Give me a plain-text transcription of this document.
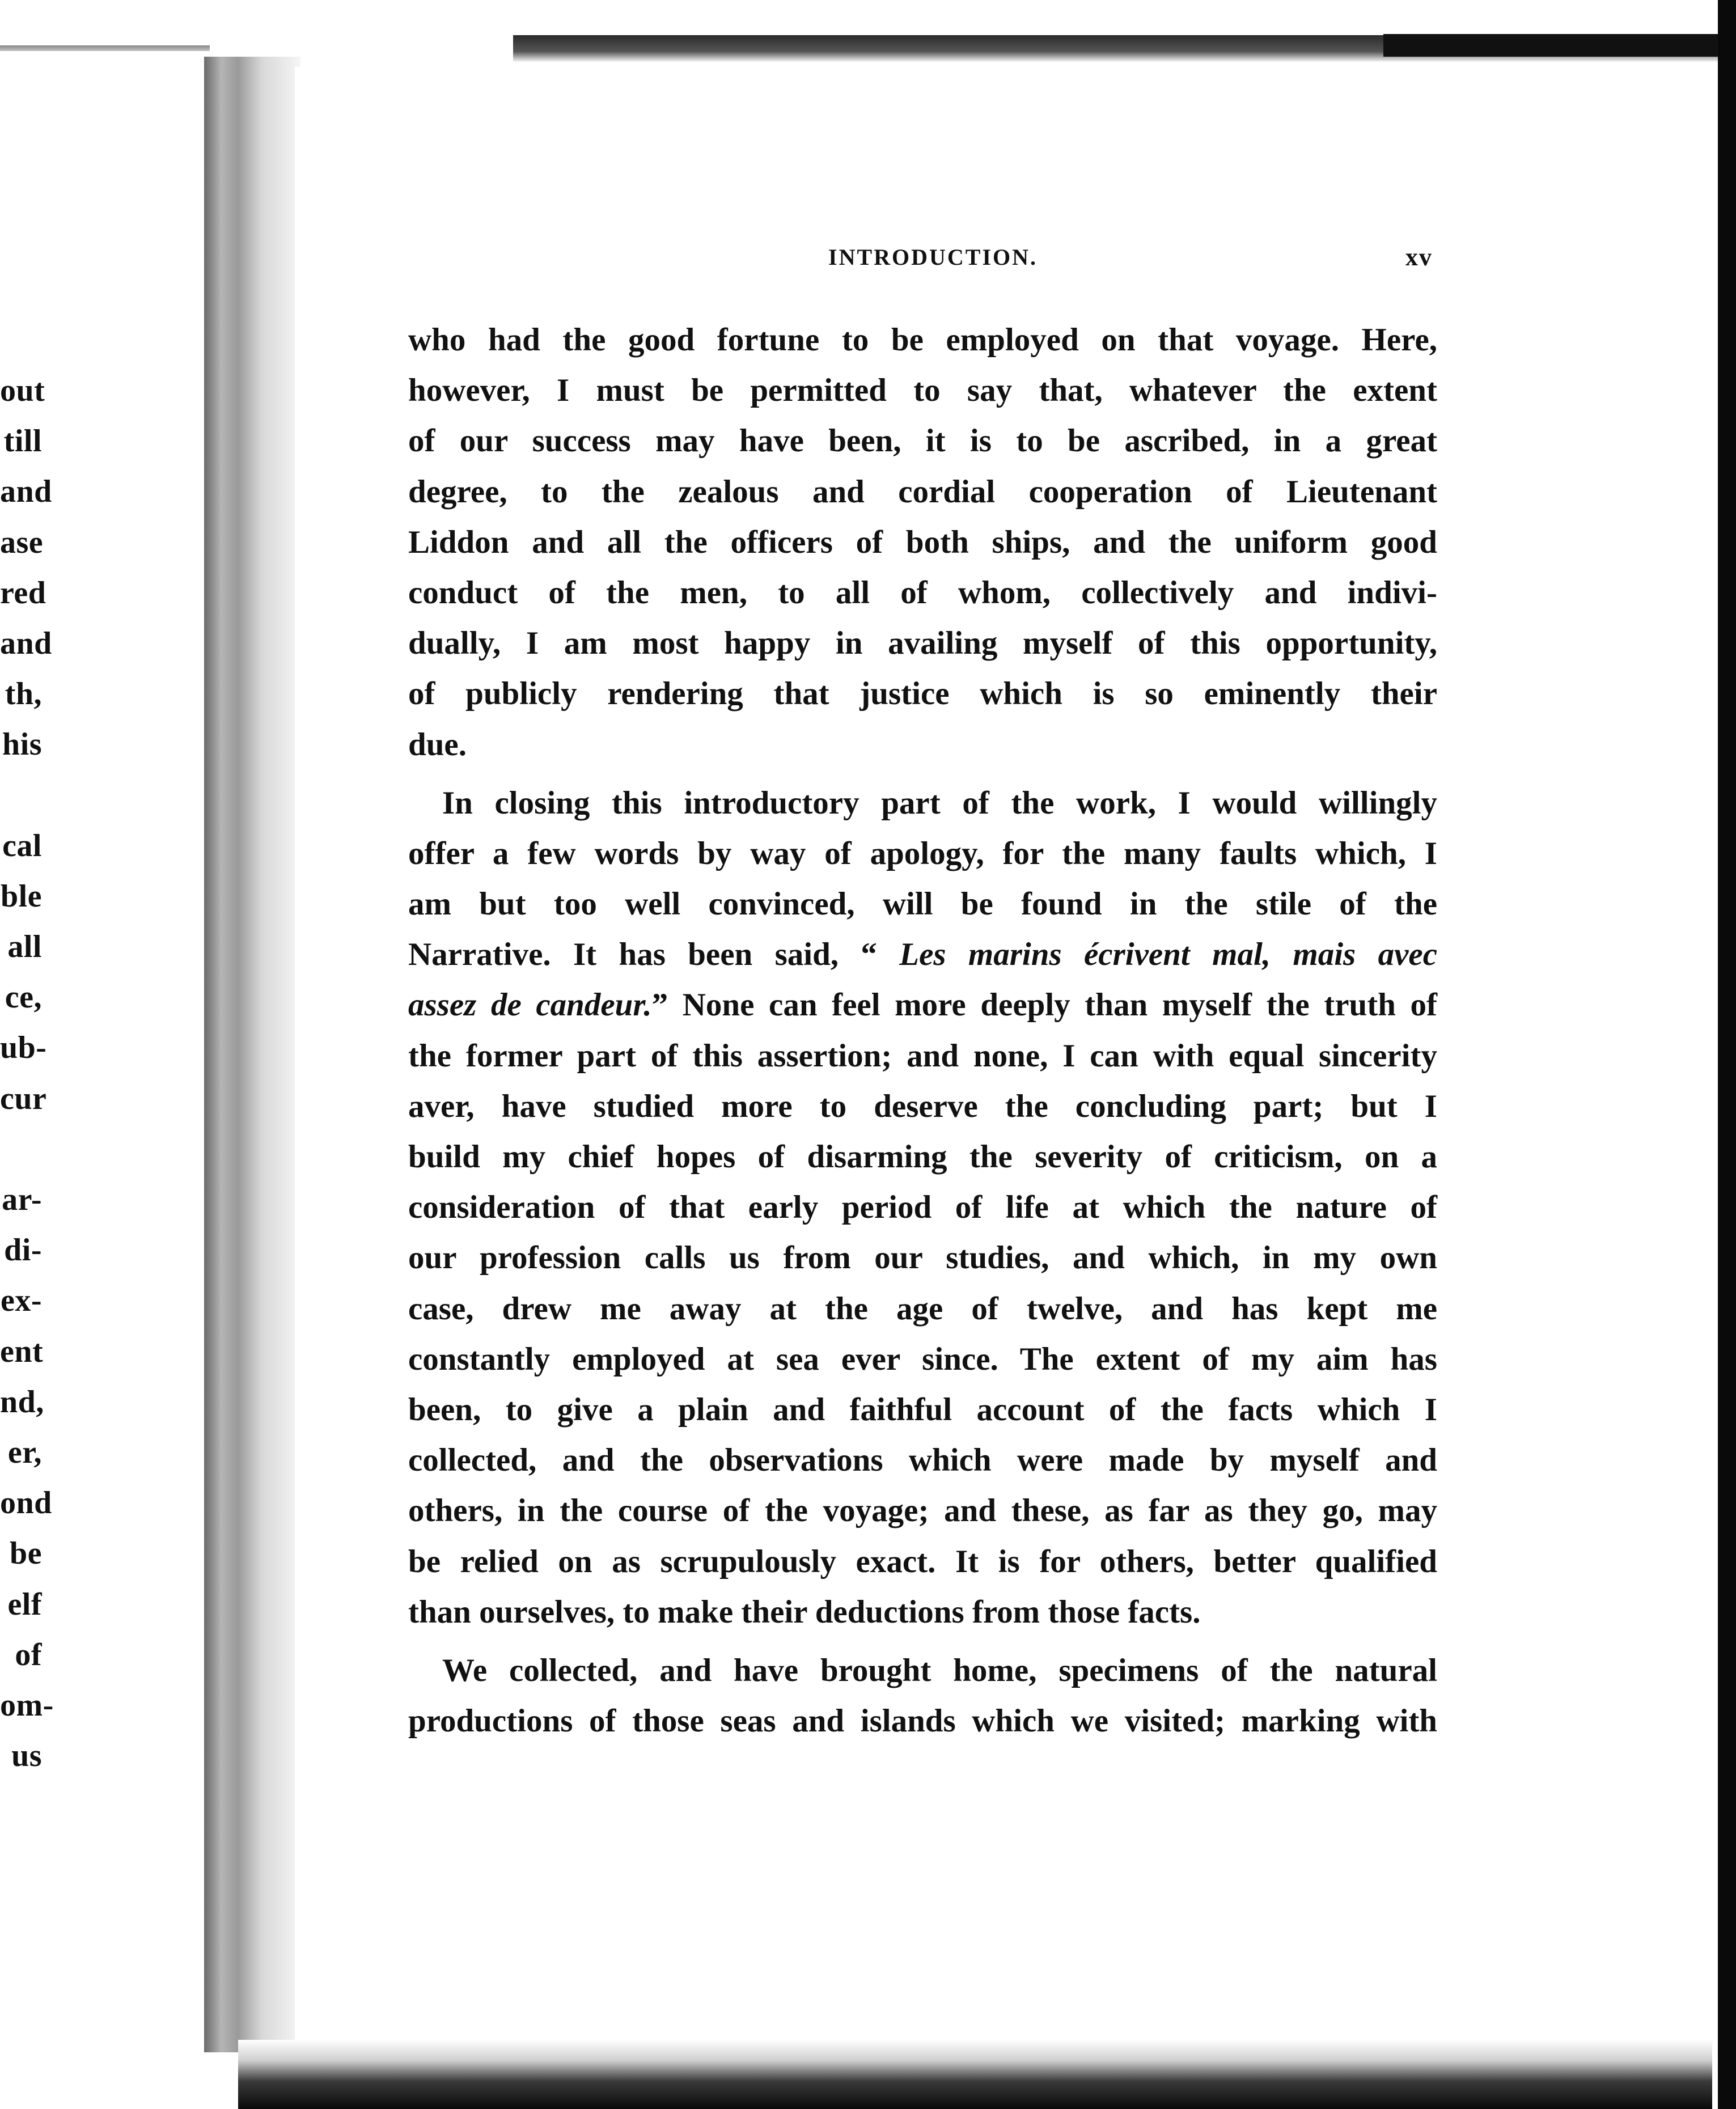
out
till
and
ase
red
and
th,
his
cal
ble
all
ce,
ub-
cur
ar-
di-
ex-
ent
nd,
er,
ond
be
elf
of
om-
us
INTRODUCTION.	xv
who had the good fortune to be employed on that voyage. Here,
however, I must be permitted to say that, whatever the extent
of our success may have been, it is to be ascribed, in a great
degree, to the zealous and cordial cooperation of Lieutenant
Liddon and all the officers of both ships, and the uniform good
conduct of the men, to all of whom, collectively and indivi-
dually, I am most happy in availing myself of this opportunity,
of publicly rendering that justice which is so eminently their
due.
In closing this introductory part of the work, I would willingly
offer a few words by way of apology, for the many faults which, I
am but too well convinced, will be found in the stile of the
Narrative. It has been said, “ Les marins écrivent mal, mais avec
assez de candeur.” None can feel more deeply than myself the truth of
the former part of this assertion; and none, I can with equal sincerity
aver, have studied more to deserve the concluding part; but I
build my chief hopes of disarming the severity of criticism, on a
consideration of that early period of life at which the nature of
our profession calls us from our studies, and which, in my own
case, drew me away at the age of twelve, and has kept me
constantly employed at sea ever since. The extent of my aim has
been, to give a plain and faithful account of the facts which I
collected, and the observations which were made by myself and
others, in the course of the voyage; and these, as far as they go, may
be relied on as scrupulously exact. It is for others, better qualified
than ourselves, to make their deductions from those facts.
We collected, and have brought home, specimens of the natural
productions of those seas and islands which we visited; marking with
